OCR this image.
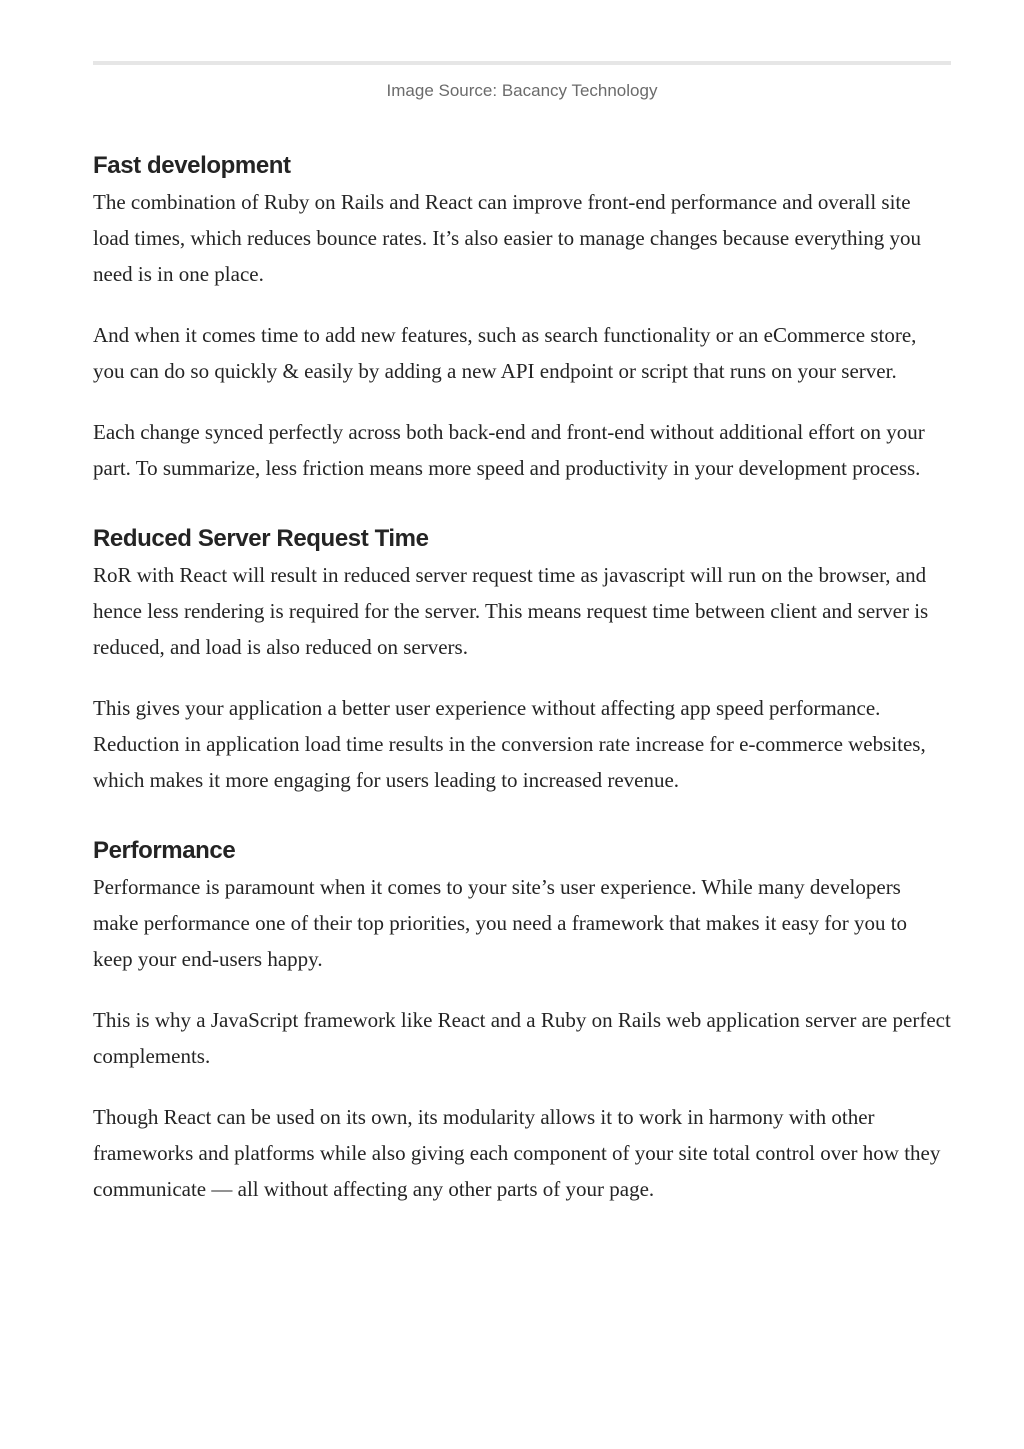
Image Source: Bacancy Technology
Fast development

The combination of Ruby on Rails and React can improve front-end performance and overall site load times, which reduces bounce rates. It’s also easier to manage changes because everything you need is in one place.

And when it comes time to add new features, such as search functionality or an eCommerce store, you can do so quickly & easily by adding a new API endpoint or script that runs on your server.

Each change synced perfectly across both back-end and front-end without additional effort on your part. To summarize, less friction means more speed and productivity in your development process.

Reduced Server Request Time

RoR with React will result in reduced server request time as javascript will run on the browser, and hence less rendering is required for the server. This means request time between client and server is reduced, and load is also reduced on servers.

This gives your application a better user experience without affecting app speed performance. Reduction in application load time results in the conversion rate increase for e-commerce websites, which makes it more engaging for users leading to increased revenue.

Performance

Performance is paramount when it comes to your site’s user experience. While many developers make performance one of their top priorities, you need a framework that makes it easy for you to keep your end-users happy.

This is why a JavaScript framework like React and a Ruby on Rails web application server are perfect complements.

Though React can be used on its own, its modularity allows it to work in harmony with other frameworks and platforms while also giving each component of your site total control over how they communicate — all without affecting any other parts of your page.
